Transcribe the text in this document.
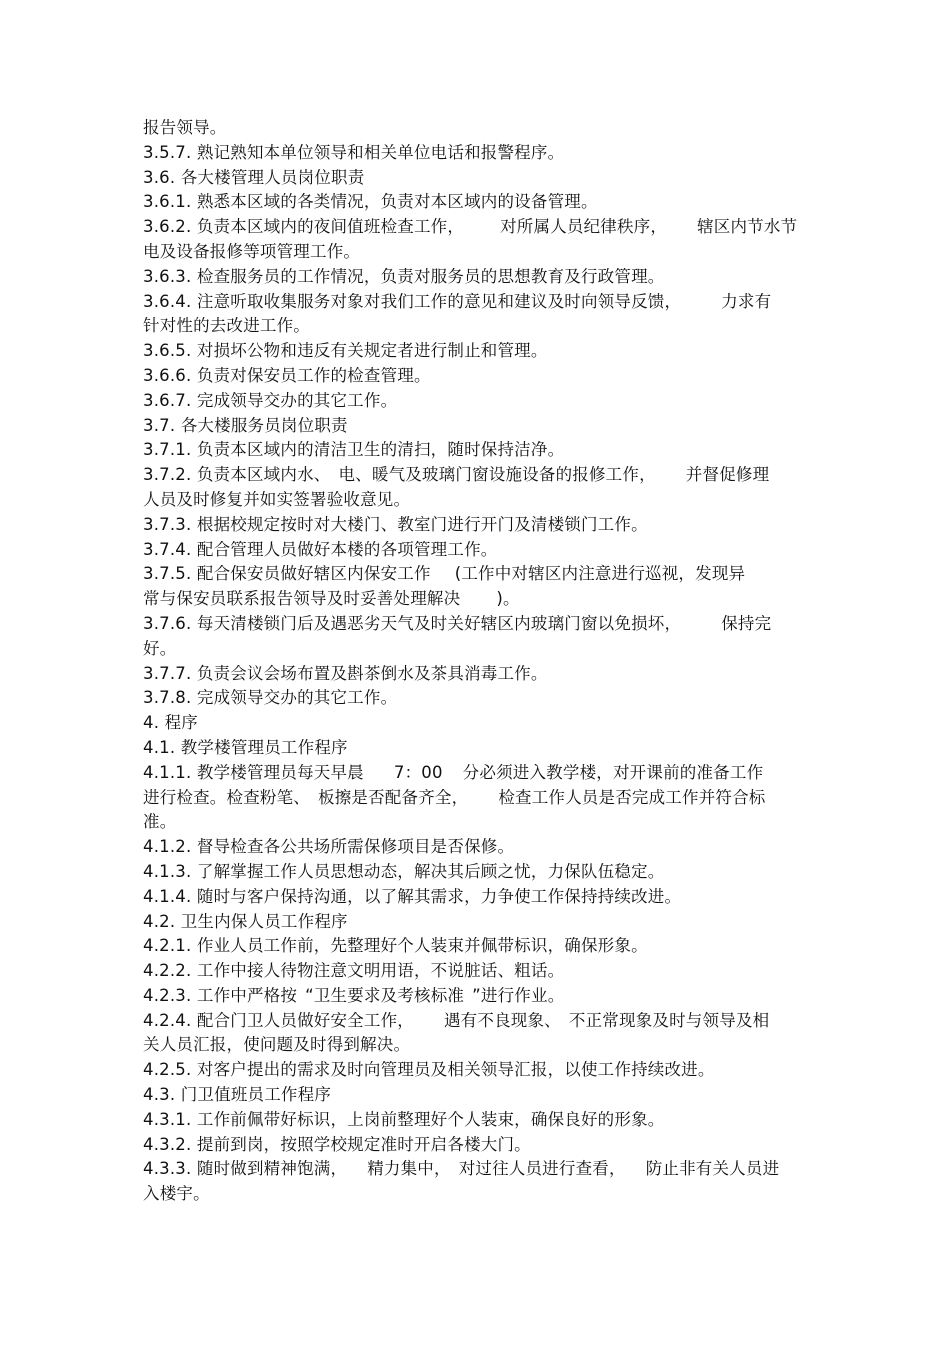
报告领导。
3.5.7. 熟记熟知本单位领导和相关单位电话和报警程序。
3.6. 各大楼管理人员岗位职责
3.6.1. 熟悉本区域的各类情况，负责对本区域内的设备管理。
3.6.2. 负责本区域内的夜间值班检查工作， 对所属人员纪律秩序， 辖区内节水节
电及设备报修等项管理工作。
3.6.3. 检查服务员的工作情况，负责对服务员的思想教育及行政管理。
3.6.4. 注意听取收集服务对象对我们工作的意见和建议及时向领导反馈， 力求有
针对性的去改进工作。
3.6.5. 对损坏公物和违反有关规定者进行制止和管理。
3.6.6. 负责对保安员工作的检查管理。
3.6.7. 完成领导交办的其它工作。
3.7. 各大楼服务员岗位职责
3.7.1. 负责本区域内的清洁卫生的清扫，随时保持洁净。
3.7.2. 负责本区域内水、 电、暖气及玻璃门窗设施设备的报修工作， 并督促修理
人员及时修复并如实签署验收意见。
3.7.3. 根据校规定按时对大楼门、教室门进行开门及清楼锁门工作。
3.7.4. 配合管理人员做好本楼的各项管理工作。
3.7.5. 配合保安员做好辖区内保安工作 (工作中对辖区内注意进行巡视，发现异
常与保安员联系报告领导及时妥善处理解决 )。
3.7.6. 每天清楼锁门后及遇恶劣天气及时关好辖区内玻璃门窗以免损坏， 保持完
好。
3.7.7. 负责会议会场布置及斟茶倒水及茶具消毒工作。
3.7.8. 完成领导交办的其它工作。
4. 程序
4.1. 教学楼管理员工作程序
4.1.1. 教学楼管理员每天早晨 7：00 分必须进入教学楼，对开课前的准备工作
进行检查。检查粉笔、 板擦是否配备齐全， 检查工作人员是否完成工作并符合标
准。
4.1.2. 督导检查各公共场所需保修项目是否保修。
4.1.3. 了解掌握工作人员思想动态，解决其后顾之忧，力保队伍稳定。
4.1.4. 随时与客户保持沟通，以了解其需求，力争使工作保持持续改进。
4.2. 卫生内保人员工作程序
4.2.1. 作业人员工作前，先整理好个人装束并佩带标识，确保形象。
4.2.2. 工作中接人待物注意文明用语，不说脏话、粗话。
4.2.3. 工作中严格按 “卫生要求及考核标准 ”进行作业。
4.2.4. 配合门卫人员做好安全工作， 遇有不良现象、 不正常现象及时与领导及相
关人员汇报，使问题及时得到解决。
4.2.5. 对客户提出的需求及时向管理员及相关领导汇报，以使工作持续改进。
4.3. 门卫值班员工作程序
4.3.1. 工作前佩带好标识，上岗前整理好个人装束，确保良好的形象。
4.3.2. 提前到岗，按照学校规定准时开启各楼大门。
4.3.3. 随时做到精神饱满， 精力集中， 对过往人员进行查看， 防止非有关人员进
入楼宇。
